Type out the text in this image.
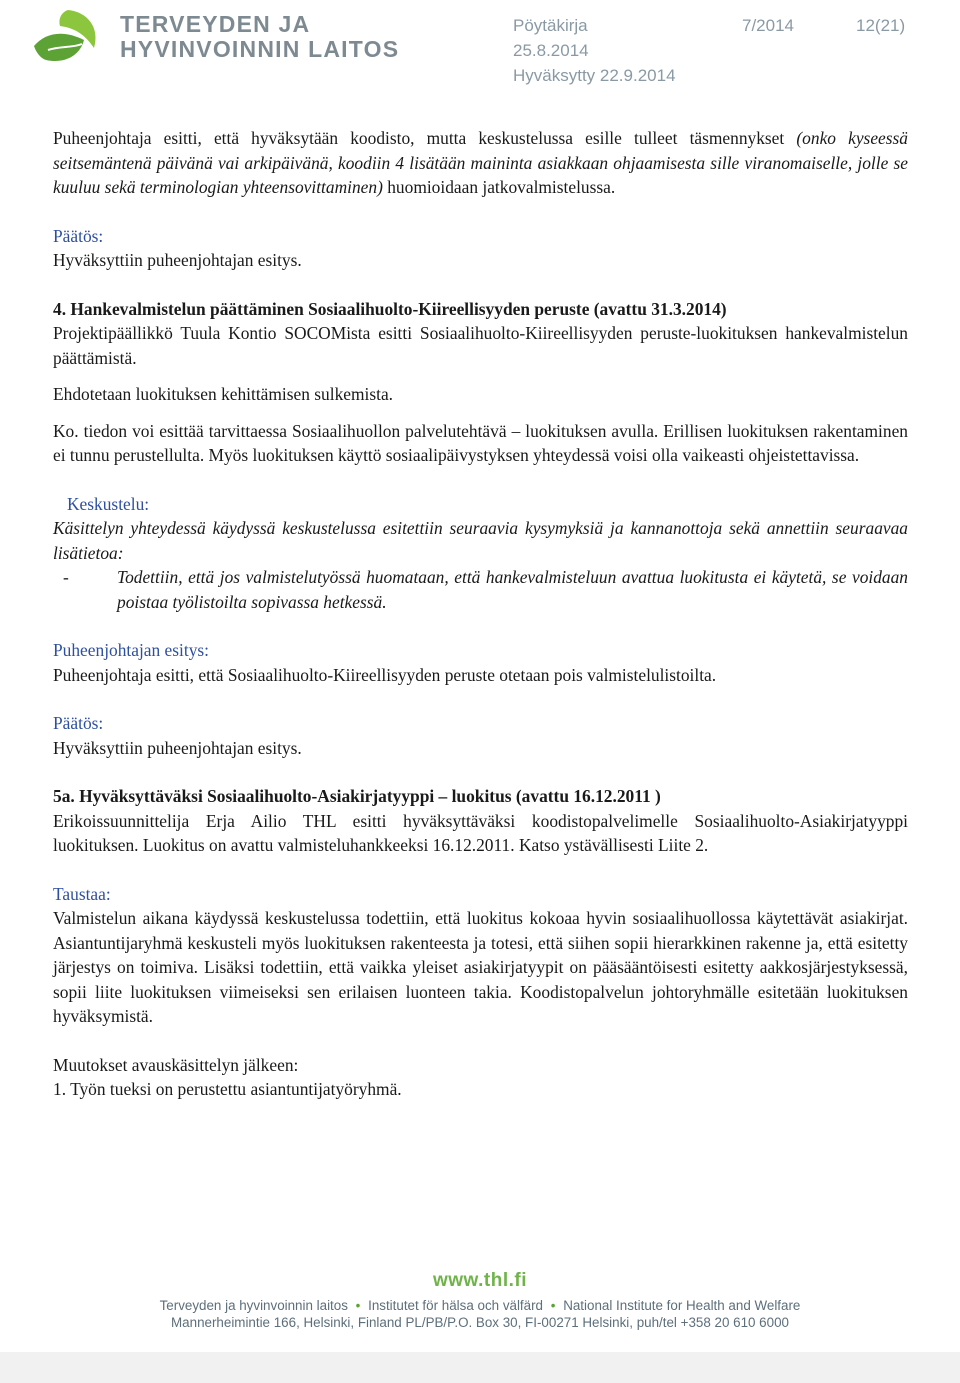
TERVEYDEN JA
HYVINVOINNIN LAITOS
Pöytäkirja	7/2014	12(21)
25.8.2014
Hyväksytty 22.9.2014

Puheenjohtaja esitti, että hyväksytään koodisto, mutta keskustelussa esille tulleet täsmennykset (onko kyseessä seitsemäntenä päivänä vai arkipäivänä, koodiin 4 lisätään maininta asiakkaan ohjaamisesta sille viranomaiselle, jolle se kuuluu sekä terminologian yhteensovittaminen) huomioidaan jatkovalmistelussa.

Päätös:

Hyväksyttiin puheenjohtajan esitys.

4. Hankevalmistelun päättäminen Sosiaalihuolto-Kiireellisyyden peruste (avattu 31.3.2014)

Projektipäällikkö Tuula Kontio SOCOMista esitti Sosiaalihuolto-Kiireellisyyden peruste-luokituksen hankevalmistelun päättämistä.

Ehdotetaan luokituksen kehittämisen sulkemista.

Ko. tiedon voi esittää tarvittaessa Sosiaalihuollon palvelutehtävä – luokituksen avulla. Erillisen luokituksen rakentaminen ei tunnu perustellulta. Myös luokituksen käyttö sosiaalipäivystyksen yhteydessä voisi olla vaikeasti ohjeistettavissa.

Keskustelu:

Käsittelyn yhteydessä käydyssä keskustelussa esitettiin seuraavia kysymyksiä ja kannanottoja sekä annettiin seuraavaa lisätietoa:

-	Todettiin, että jos valmistelutyössä huomataan, että hankevalmisteluun avattua luokitusta ei käytetä, se voidaan poistaa työlistoilta sopivassa hetkessä.

Puheenjohtajan esitys:

Puheenjohtaja esitti, että Sosiaalihuolto-Kiireellisyyden peruste otetaan pois valmistelulistoilta.

Päätös:

Hyväksyttiin puheenjohtajan esitys.

5a. Hyväksyttäväksi Sosiaalihuolto-Asiakirjatyyppi – luokitus (avattu 16.12.2011 )

Erikoissuunnittelija Erja Ailio THL esitti hyväksyttäväksi koodistopalvelimelle Sosiaalihuolto-Asiakirjatyyppi luokituksen. Luokitus on avattu valmisteluhankkeeksi 16.12.2011. Katso ystävällisesti Liite 2.

Taustaa:

Valmistelun aikana käydyssä keskustelussa todettiin, että luokitus kokoaa hyvin sosiaalihuollossa käytettävät asiakirjat. Asiantuntijaryhmä keskusteli myös luokituksen rakenteesta ja totesi, että siihen sopii hierarkkinen rakenne ja, että esitetty järjestys on toimiva. Lisäksi todettiin, että vaikka yleiset asiakirjatyypit on pääsääntöisesti esitetty aakkosjärjestyksessä, sopii liite luokituksen viimeiseksi sen erilaisen luonteen takia. Koodistopalvelun johtoryhmälle esitetään luokituksen hyväksymistä.

Muutokset avauskäsittelyn jälkeen:

1. Työn tueksi on perustettu asiantuntijatyöryhmä.

www.thl.fi
Terveyden ja hyvinvoinnin laitos • Institutet för hälsa och välfärd • National Institute for Health and Welfare
Mannerheimintie 166, Helsinki, Finland PL/PB/P.O. Box 30, FI-00271 Helsinki, puh/tel +358 20 610 6000
